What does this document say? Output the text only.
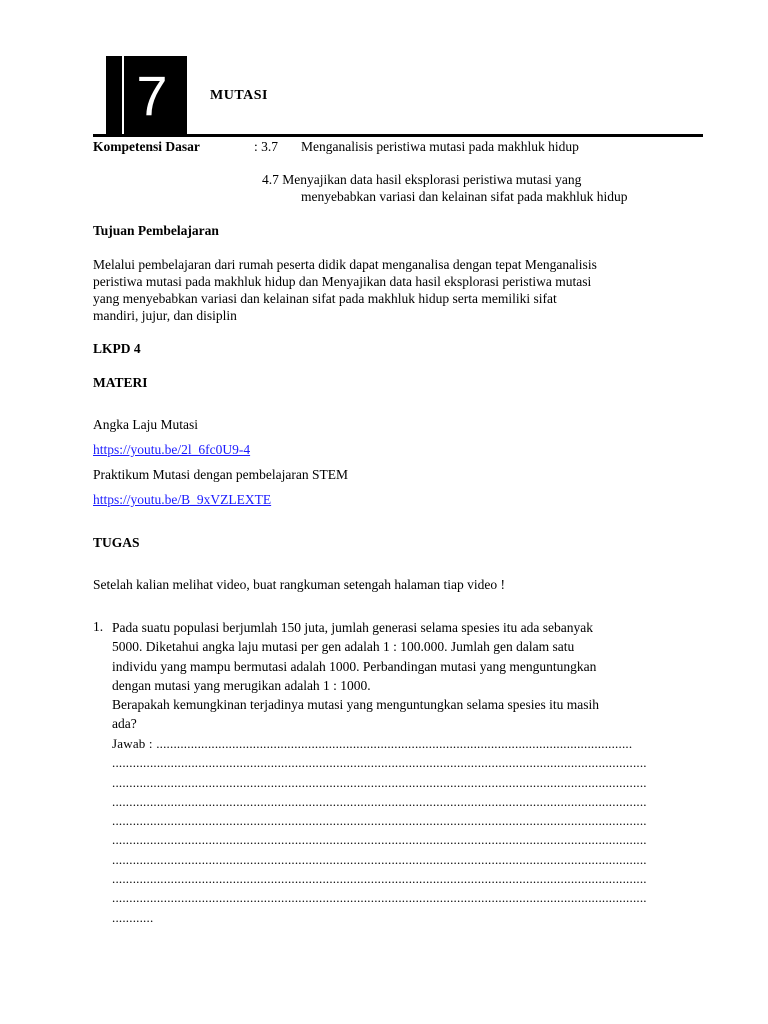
7	MUTASI
Kompetensi Dasar	: 3.7 Menganalisis peristiwa mutasi pada makhluk hidup
4.7 Menyajikan data hasil eksplorasi peristiwa mutasi yang
menyebabkan variasi dan kelainan sifat pada makhluk hidup
Tujuan Pembelajaran
Melalui pembelajaran dari rumah peserta didik dapat menganalisa dengan tepat Menganalisis
peristiwa mutasi pada makhluk hidup dan Menyajikan data hasil eksplorasi peristiwa mutasi
yang menyebabkan variasi dan kelainan sifat pada makhluk hidup serta memiliki sifat
mandiri, jujur, dan disiplin
LKPD 4
MATERI
Angka Laju Mutasi
https://youtu.be/2l_6fc0U9-4
Praktikum Mutasi dengan pembelajaran STEM
https://youtu.be/B_9xVZLEXTE
TUGAS
Setelah kalian melihat video, buat rangkuman setengah halaman tiap video !
1. Pada suatu populasi berjumlah 150 juta, jumlah generasi selama spesies itu ada sebanyak
5000. Diketahui angka laju mutasi per gen adalah 1 : 100.000. Jumlah gen dalam satu
individu yang mampu bermutasi adalah 1000. Perbandingan mutasi yang menguntungkan
dengan mutasi yang merugikan adalah 1 : 1000.
Berapakah kemungkinan terjadinya mutasi yang menguntungkan selama spesies itu masih
ada?
Jawab : ..........................................................................................................................................
...........................................................................................................................................................
...........................................................................................................................................................
...........................................................................................................................................................
...........................................................................................................................................................
...........................................................................................................................................................
...........................................................................................................................................................
...........................................................................................................................................................
...........................................................................................................................................................
............
